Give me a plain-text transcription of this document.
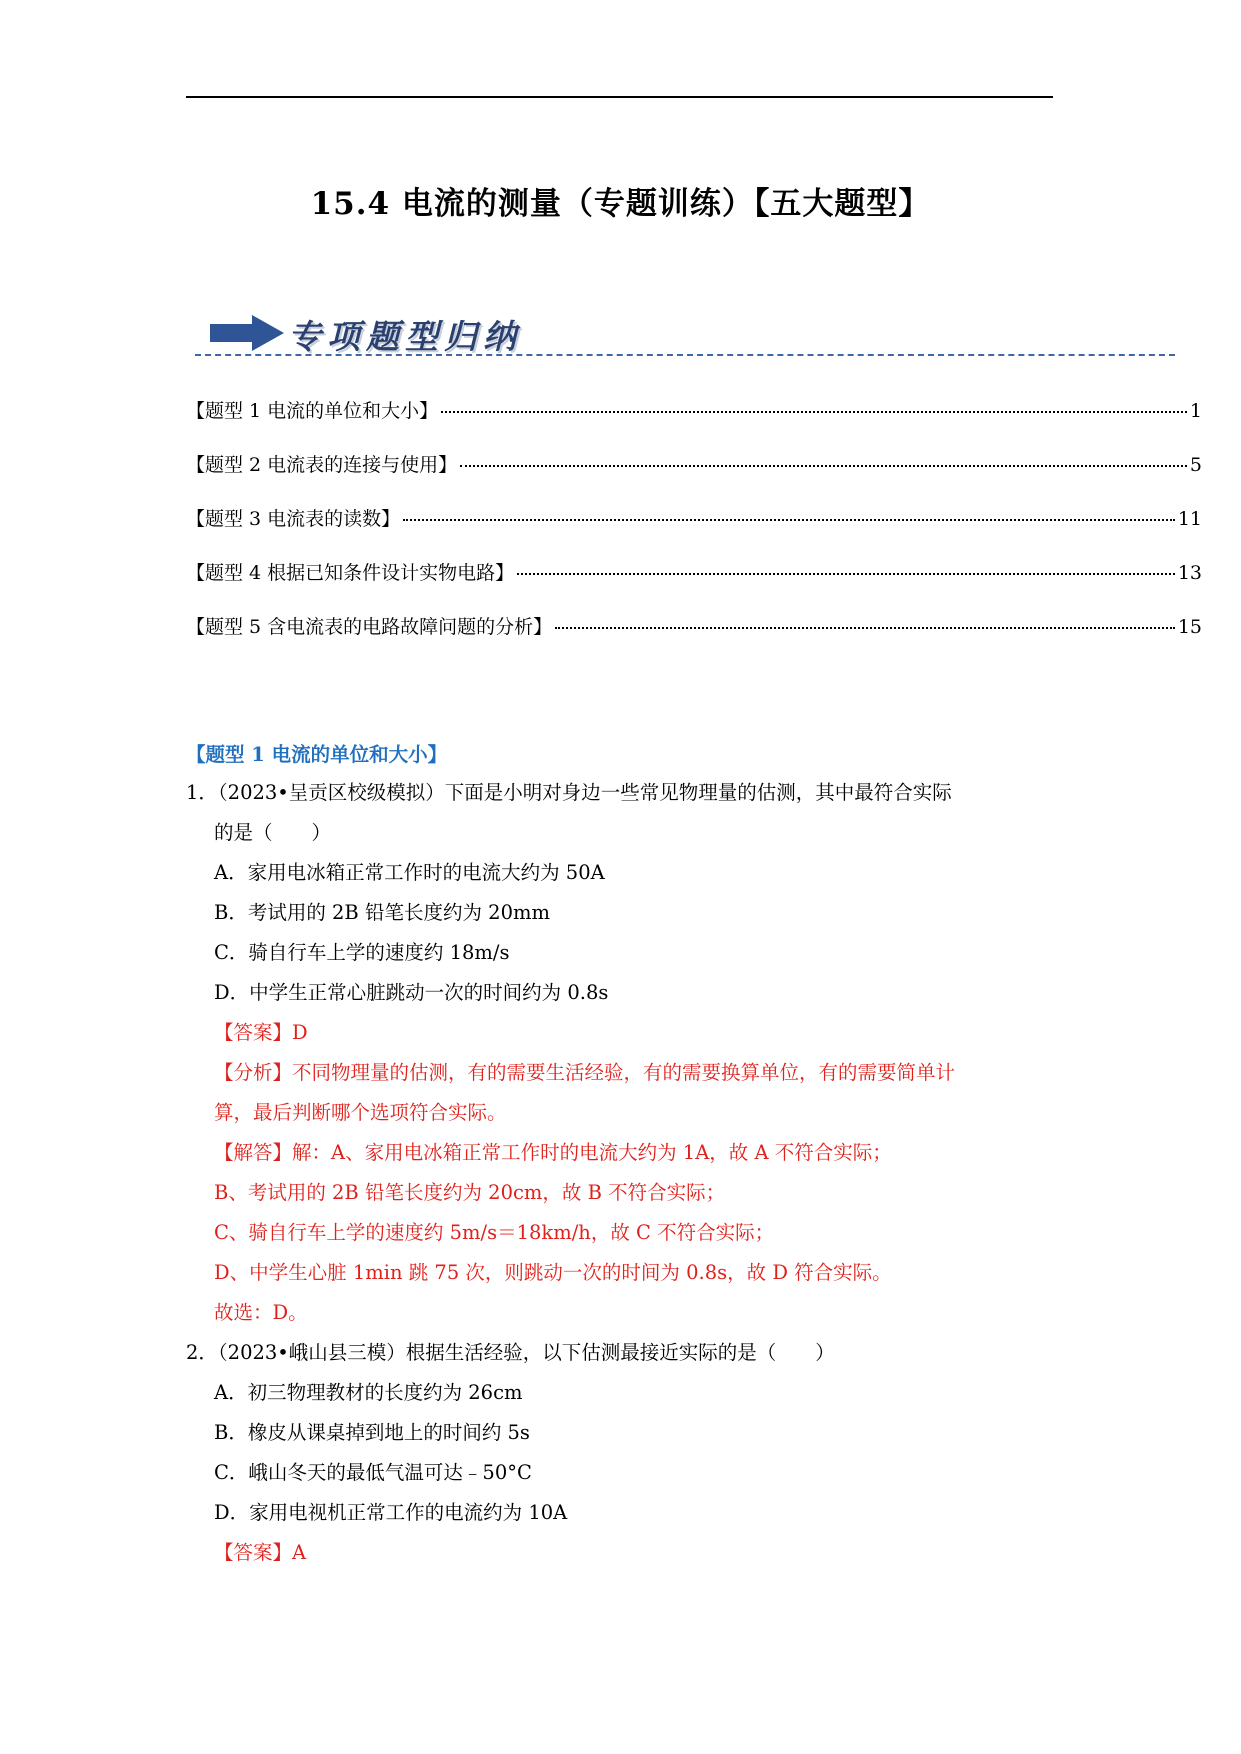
15.4 电流的测量（专题训练）【五大题型】
专项题型归纳
【题型 1 电流的单位和大小】	1
【题型 2 电流表的连接与使用】	5
【题型 3 电流表的读数】	11
【题型 4 根据已知条件设计实物电路】	13
【题型 5 含电流表的电路故障问题的分析】	15
【题型 1 电流的单位和大小】
1．（2023•呈贡区校级模拟）下面是小明对身边一些常见物理量的估测，其中最符合实际
的是（　　）
A．家用电冰箱正常工作时的电流大约为 50A
B．考试用的 2B 铅笔长度约为 20mm
C．骑自行车上学的速度约 18m/s
D．中学生正常心脏跳动一次的时间约为 0.8s
【答案】D
【分析】不同物理量的估测，有的需要生活经验，有的需要换算单位，有的需要简单计
算，最后判断哪个选项符合实际。
【解答】解：A、家用电冰箱正常工作时的电流大约为 1A，故 A 不符合实际；
B、考试用的 2B 铅笔长度约为 20cm，故 B 不符合实际；
C、骑自行车上学的速度约 5m/s＝18km/h，故 C 不符合实际；
D、中学生心脏 1min 跳 75 次，则跳动一次的时间为 0.8s，故 D 符合实际。
故选：D。
2．（2023•峨山县三模）根据生活经验，以下估测最接近实际的是（　　）
A．初三物理教材的长度约为 26cm
B．橡皮从课桌掉到地上的时间约 5s
C．峨山冬天的最低气温可达﹣50°C
D．家用电视机正常工作的电流约为 10A
【答案】A
